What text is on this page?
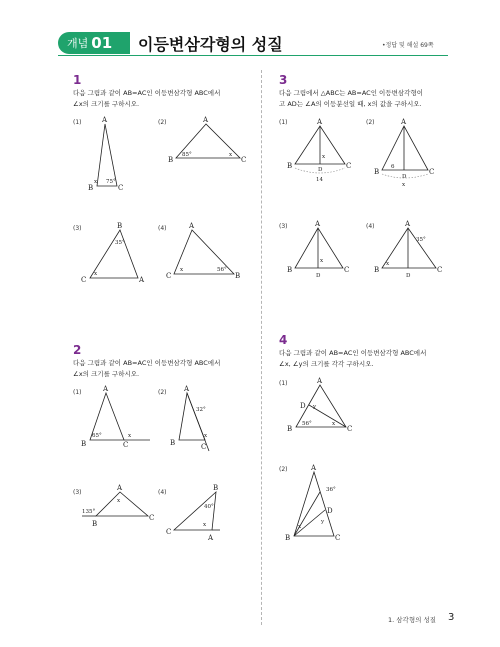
개념 01 이등변삼각형의 성질	•정답 및 해설 69쪽
1
다음 그림과 같이 AB=AC인 이등변삼각형 ABC에서
∠x의 크기를 구하시오.
(1)	A
B	C
x 75°
(2)	A
B	C
85°	x
(3)	B
C	A
35°
x
(4)	A
C	B
x	56°
2
다음 그림과 같이 AB=AC인 이등변삼각형 ABC에서
∠x의 크기를 구하시오.
(1)	A
B	C
65°	x
(2)	A
B	C
32°
x
(3)
A
B
C
135°
x
(4)
B
C
A
40°
x
3
다음 그림에서 △ABC는 AB=AC인 이등변삼각형이
고 AD는 ∠A의 이등분선일 때, x의 값을 구하시오.
(1)	A
B	C
D
x
14
(2)	A
B	C
D
6
x
(3)	A
B	C
D
x
(4)	A
B	C
D
35°
x
4
다음 그림과 같이 AB=AC인 이등변삼각형 ABC에서
∠x, ∠y의 크기를 각각 구하시오.
(1)	A
D
B	C
y
56°	x
(2)	A
D
B	C
36°
x
y
1. 삼각형의 성질 3
